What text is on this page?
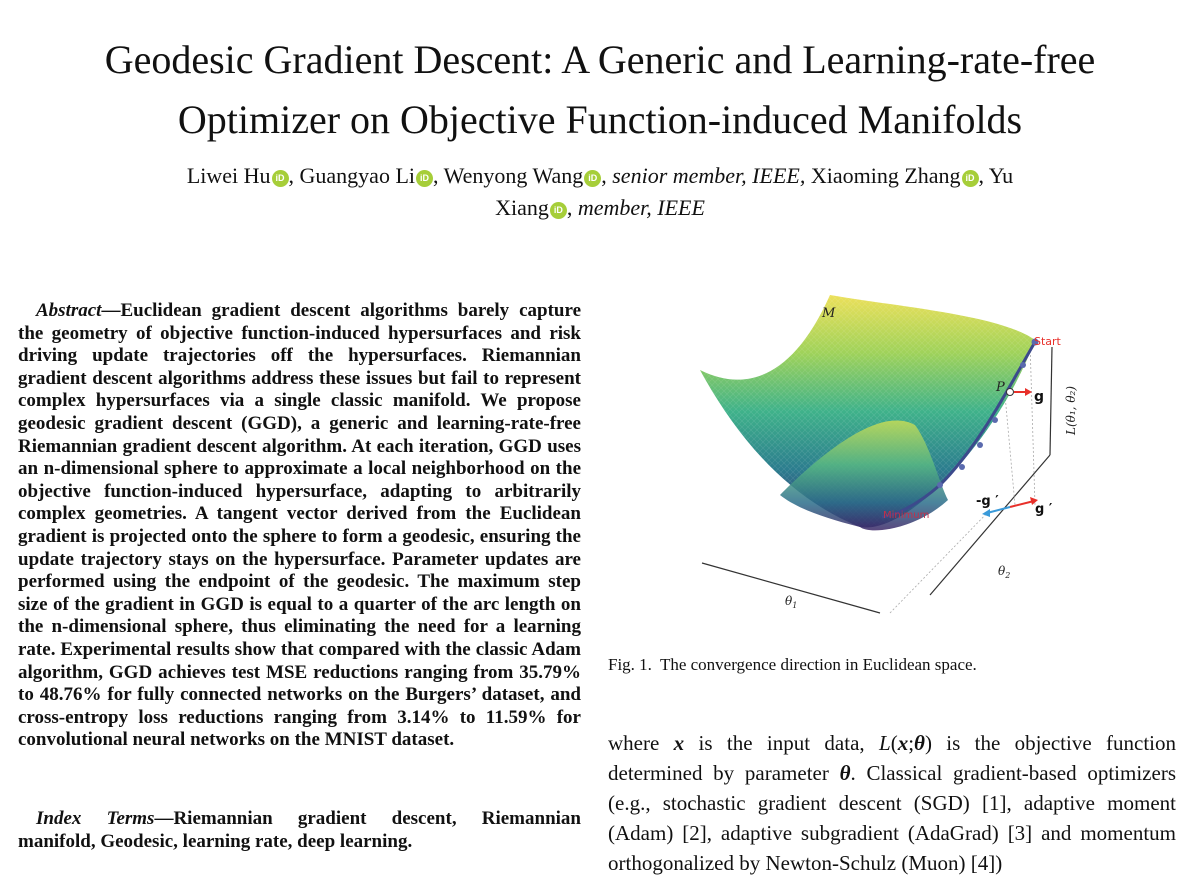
Geodesic Gradient Descent: A Generic and Learning-rate-free
Optimizer on Objective Function-induced Manifolds
Liwei Hu iD , Guangyao Li iD , Wenyong Wang iD , senior member, IEEE, Xiaoming Zhang iD , Yu
Xiang iD , member, IEEE

Abstract—Euclidean gradient descent algorithms barely capture the geometry of objective function-induced hypersurfaces and risk driving update trajectories off the hypersurfaces. Riemannian gradient descent algorithms address these issues but fail to represent complex hypersurfaces via a single classic manifold. We propose geodesic gradient descent (GGD), a generic and learning-rate-free Riemannian gradient descent algorithm. At each iteration, GGD uses an n-dimensional sphere to approximate a local neighborhood on the objective function-induced hypersurface, adapting to arbitrarily complex geometries. A tangent vector derived from the Euclidean gradient is projected onto the sphere to form a geodesic, ensuring the update trajectory stays on the hypersurface. Parameter updates are performed using the endpoint of the geodesic. The maximum step size of the gradient in GGD is equal to a quarter of the arc length on the n-dimensional sphere, thus eliminating the need for a learning rate. Experimental results show that compared with the classic Adam algorithm, GGD achieves test MSE reductions ranging from 35.79% to 48.76% for fully connected networks on the Burgers’ dataset, and cross-entropy loss reductions ranging from 3.14% to 11.59% for convolutional neural networks on the MNIST dataset.

Index Terms—Riemannian gradient descent, Riemannian manifold, Geodesic, learning rate, deep learning.

M
Start
P
g
-g ′
g ′
Minimum
$\theta_1$
$\theta_2$
L(θ₁, θ₂)
Fig. 1. The convergence direction in Euclidean space.

where x is the input data, L(x;θ) is the objective function determined by parameter θ. Classical gradient-based optimizers (e.g., stochastic gradient descent (SGD) [1], adaptive moment (Adam) [2], adaptive subgradient (AdaGrad) [3] and momentum orthogonalized by Newton-Schulz (Muon) [4])
